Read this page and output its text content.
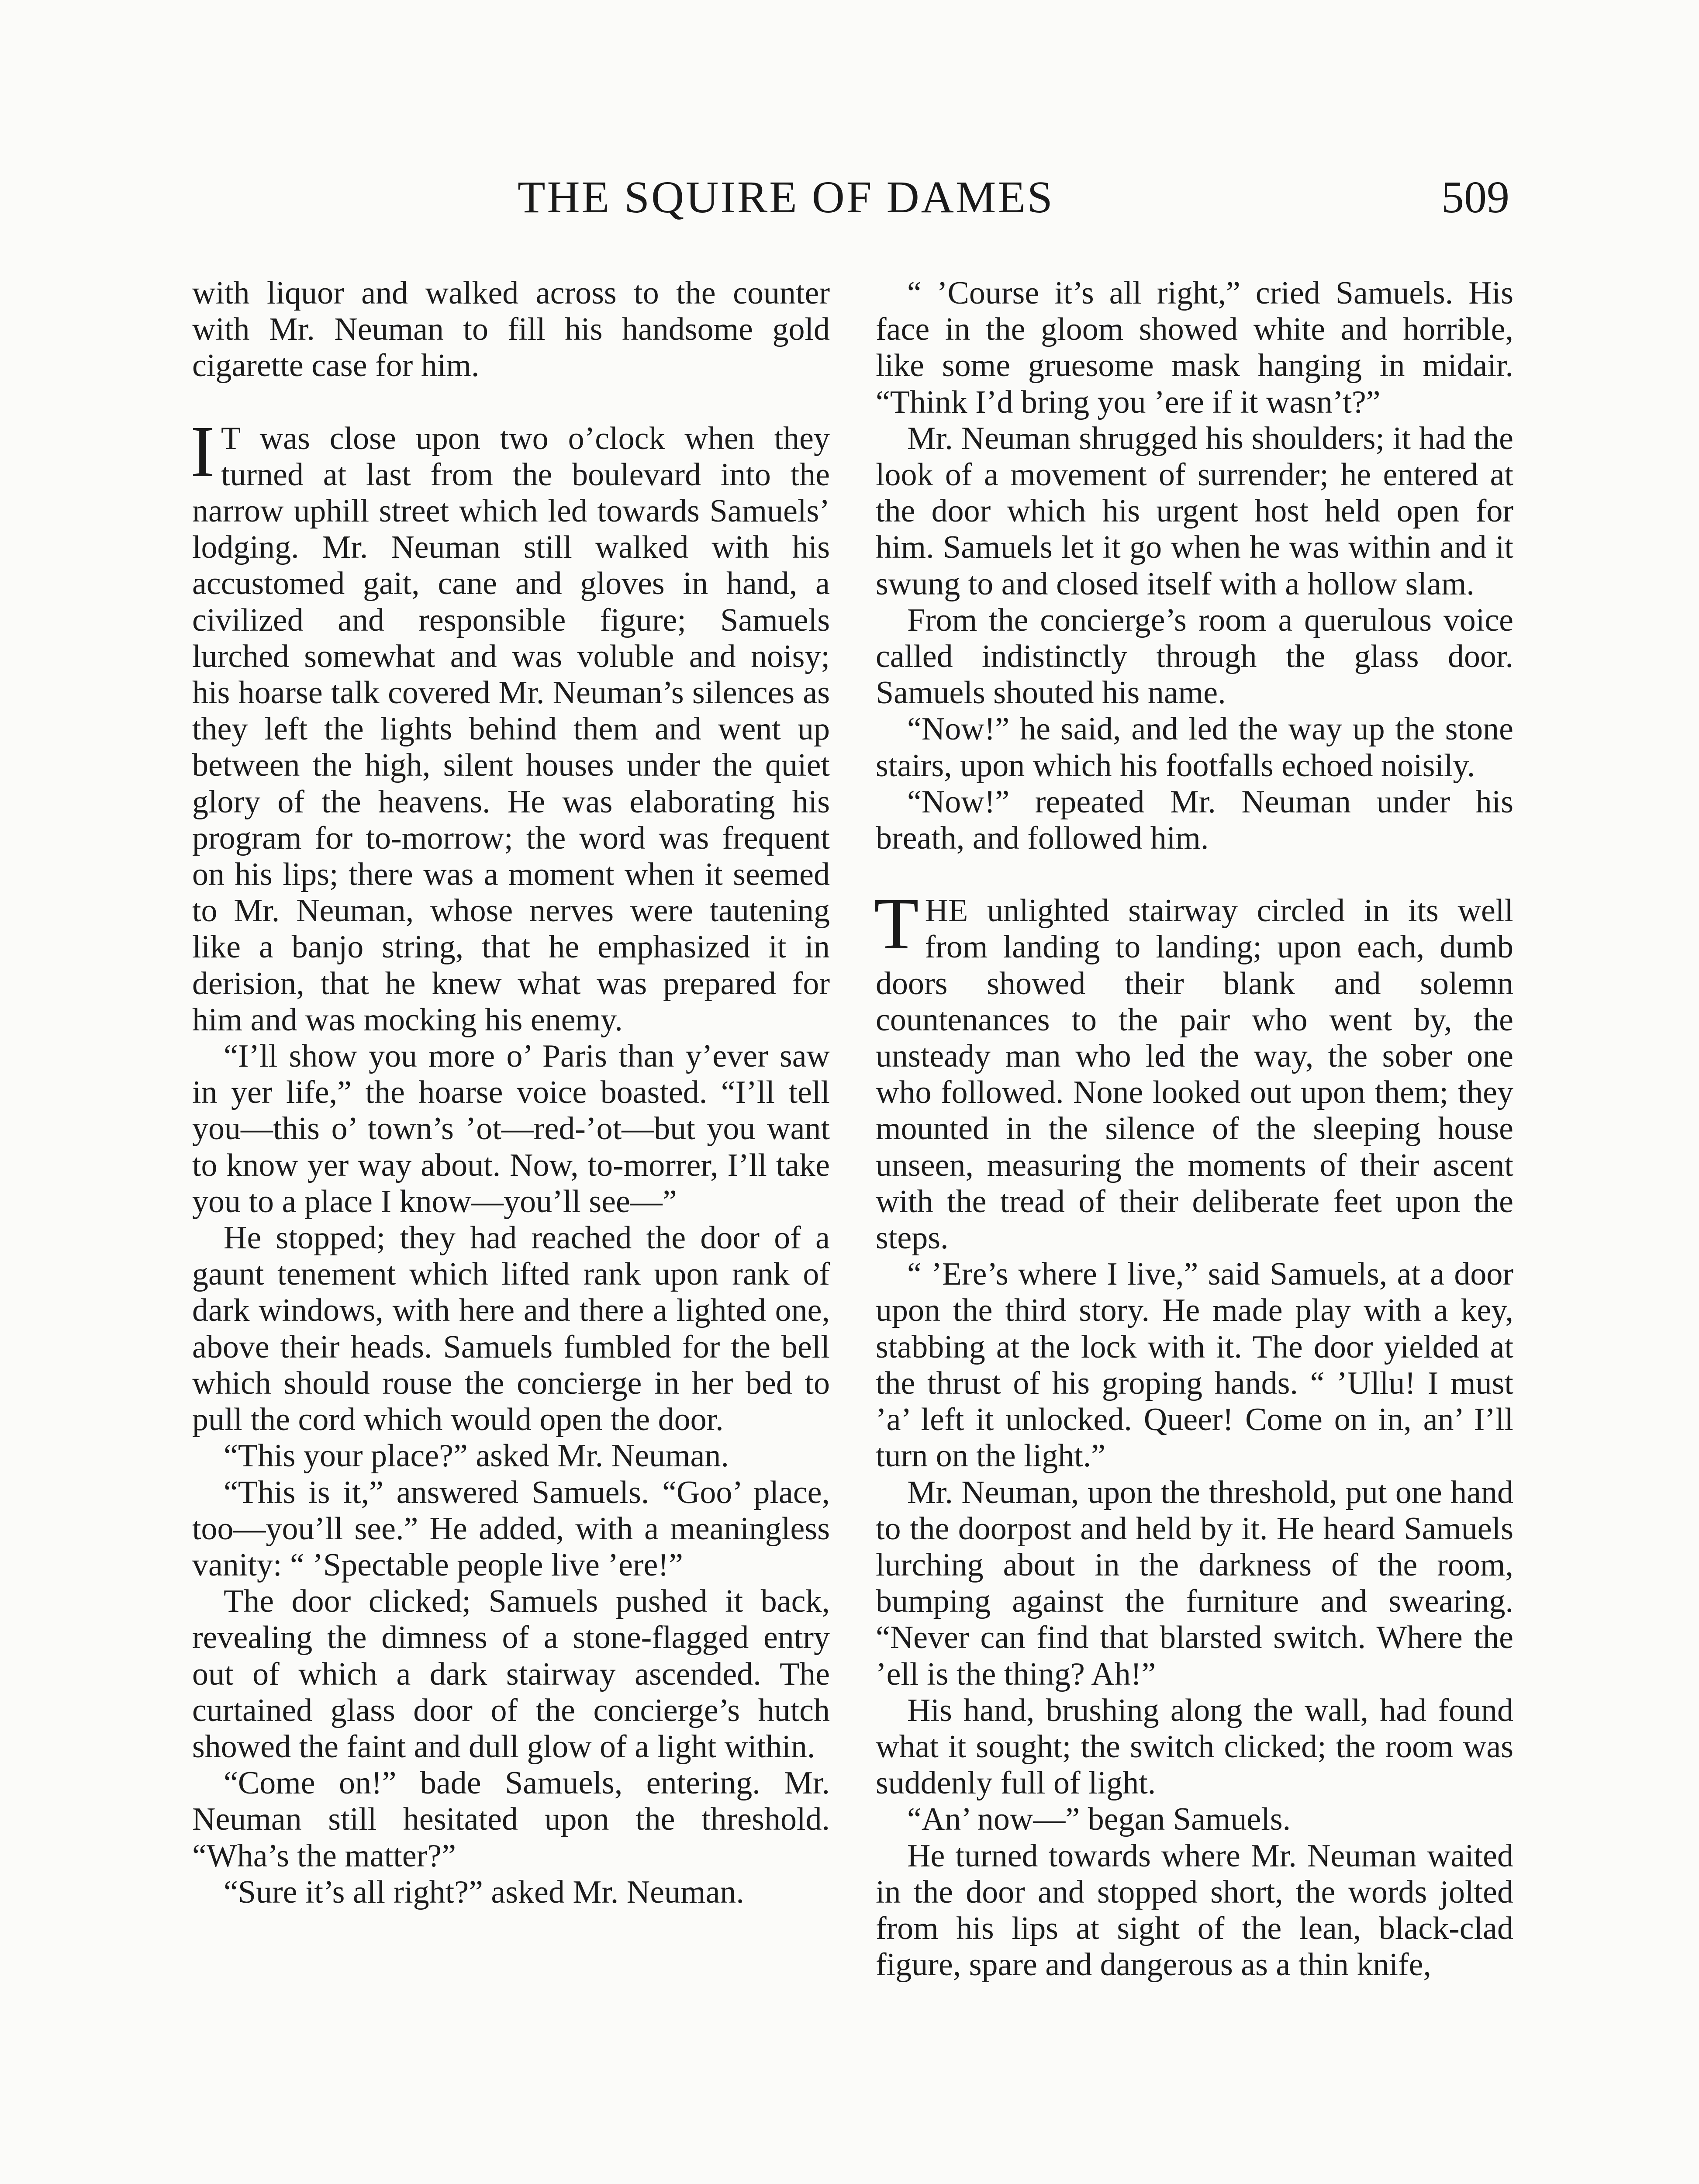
THE SQUIRE OF DAMES	509

with liquor and walked across to the counter with Mr. Neuman to fill his handsome gold cigarette case for him.

I T was close upon two o’clock when they turned at last from the boulevard into the narrow uphill street which led towards Samuels’ lodging. Mr. Neuman still walked with his accustomed gait, cane and gloves in hand, a civilized and responsible figure; Samuels lurched somewhat and was voluble and noisy; his hoarse talk covered Mr. Neuman’s silences as they left the lights behind them and went up between the high, silent houses under the quiet glory of the heavens. He was elaborating his program for to-morrow; the word was frequent on his lips; there was a moment when it seemed to Mr. Neuman, whose nerves were tautening like a banjo string, that he emphasized it in derision, that he knew what was prepared for him and was mocking his enemy.

“I’ll show you more o’ Paris than y’ever saw in yer life,” the hoarse voice boasted. “I’ll tell you—this o’ town’s ’ot—red-’ot—but you want to know yer way about. Now, to-morrer, I’ll take you to a place I know—you’ll see—”

He stopped; they had reached the door of a gaunt tenement which lifted rank upon rank of dark windows, with here and there a lighted one, above their heads. Samuels fumbled for the bell which should rouse the concierge in her bed to pull the cord which would open the door.

“This your place?” asked Mr. Neuman.

“This is it,” answered Samuels. “Goo’ place, too—you’ll see.” He added, with a meaningless vanity: “ ’Spectable people live ’ere!”

The door clicked; Samuels pushed it back, revealing the dimness of a stone-flagged entry out of which a dark stairway ascended. The curtained glass door of the concierge’s hutch showed the faint and dull glow of a light within.

“Come on!” bade Samuels, entering. Mr. Neuman still hesitated upon the threshold. “Wha’s the matter?”

“Sure it’s all right?” asked Mr. Neuman.

“ ’Course it’s all right,” cried Samuels. His face in the gloom showed white and horrible, like some gruesome mask hanging in midair. “Think I’d bring you ’ere if it wasn’t?”

Mr. Neuman shrugged his shoulders; it had the look of a movement of surrender; he entered at the door which his urgent host held open for him. Samuels let it go when he was within and it swung to and closed itself with a hollow slam.

From the concierge’s room a querulous voice called indistinctly through the glass door. Samuels shouted his name.

“Now!” he said, and led the way up the stone stairs, upon which his footfalls echoed noisily.

“Now!” repeated Mr. Neuman under his breath, and followed him.

THE unlighted stairway circled in its well from landing to landing; upon each, dumb doors showed their blank and solemn countenances to the pair who went by, the unsteady man who led the way, the sober one who followed. None looked out upon them; they mounted in the silence of the sleeping house unseen, measuring the moments of their ascent with the tread of their deliberate feet upon the steps.

“ ’Ere’s where I live,” said Samuels, at a door upon the third story. He made play with a key, stabbing at the lock with it. The door yielded at the thrust of his groping hands. “ ’Ullu! I must ’a’ left it unlocked. Queer! Come on in, an’ I’ll turn on the light.”

Mr. Neuman, upon the threshold, put one hand to the doorpost and held by it. He heard Samuels lurching about in the darkness of the room, bumping against the furniture and swearing. “Never can find that blarsted switch. Where the ’ell is the thing? Ah!”

His hand, brushing along the wall, had found what it sought; the switch clicked; the room was suddenly full of light.

“An’ now—” began Samuels.

He turned towards where Mr. Neuman waited in the door and stopped short, the words jolted from his lips at sight of the lean, black-clad figure, spare and dangerous as a thin knife,
